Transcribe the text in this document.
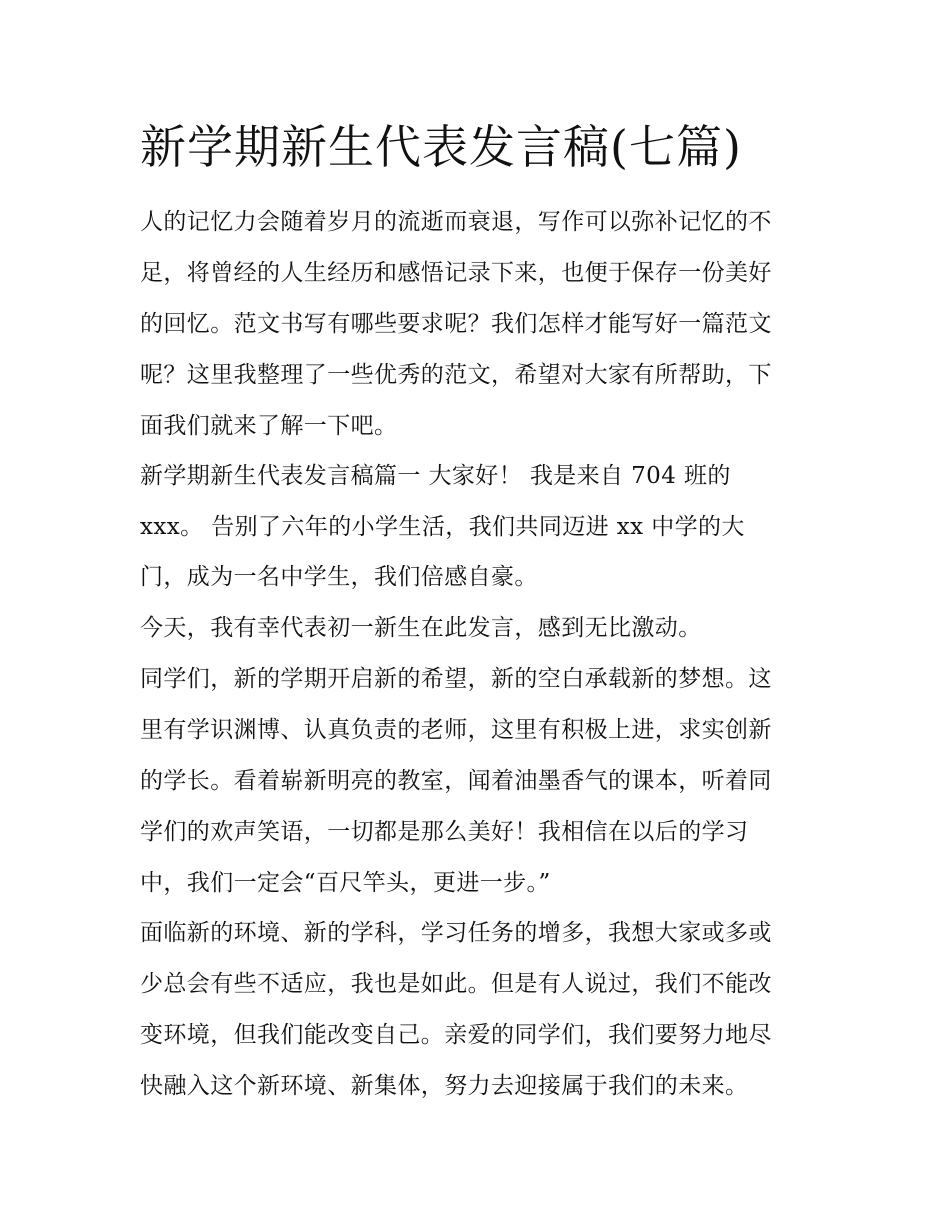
新学期新生代表发言稿(七篇)

人的记忆力会随着岁月的流逝而衰退，写作可以弥补记忆的不

足，将曾经的人生经历和感悟记录下来，也便于保存一份美好

的回忆。范文书写有哪些要求呢？我们怎样才能写好一篇范文

呢？这里我整理了一些优秀的范文，希望对大家有所帮助，下

面我们就来了解一下吧。

新学期新生代表发言稿篇一 大家好！ 我是来自 704 班的

xxx。 告别了六年的小学生活，我们共同迈进 xx 中学的大

门，成为一名中学生，我们倍感自豪。

今天，我有幸代表初一新生在此发言，感到无比激动。

同学们，新的学期开启新的希望，新的空白承载新的梦想。这

里有学识渊博、认真负责的老师，这里有积极上进，求实创新

的学长。看着崭新明亮的教室，闻着油墨香气的课本，听着同

学们的欢声笑语，一切都是那么美好！我相信在以后的学习

中，我们一定会“百尺竿头，更进一步。”

面临新的环境、新的学科，学习任务的增多，我想大家或多或

少总会有些不适应，我也是如此。但是有人说过，我们不能改

变环境，但我们能改变自己。亲爱的同学们，我们要努力地尽

快融入这个新环境、新集体，努力去迎接属于我们的未来。
